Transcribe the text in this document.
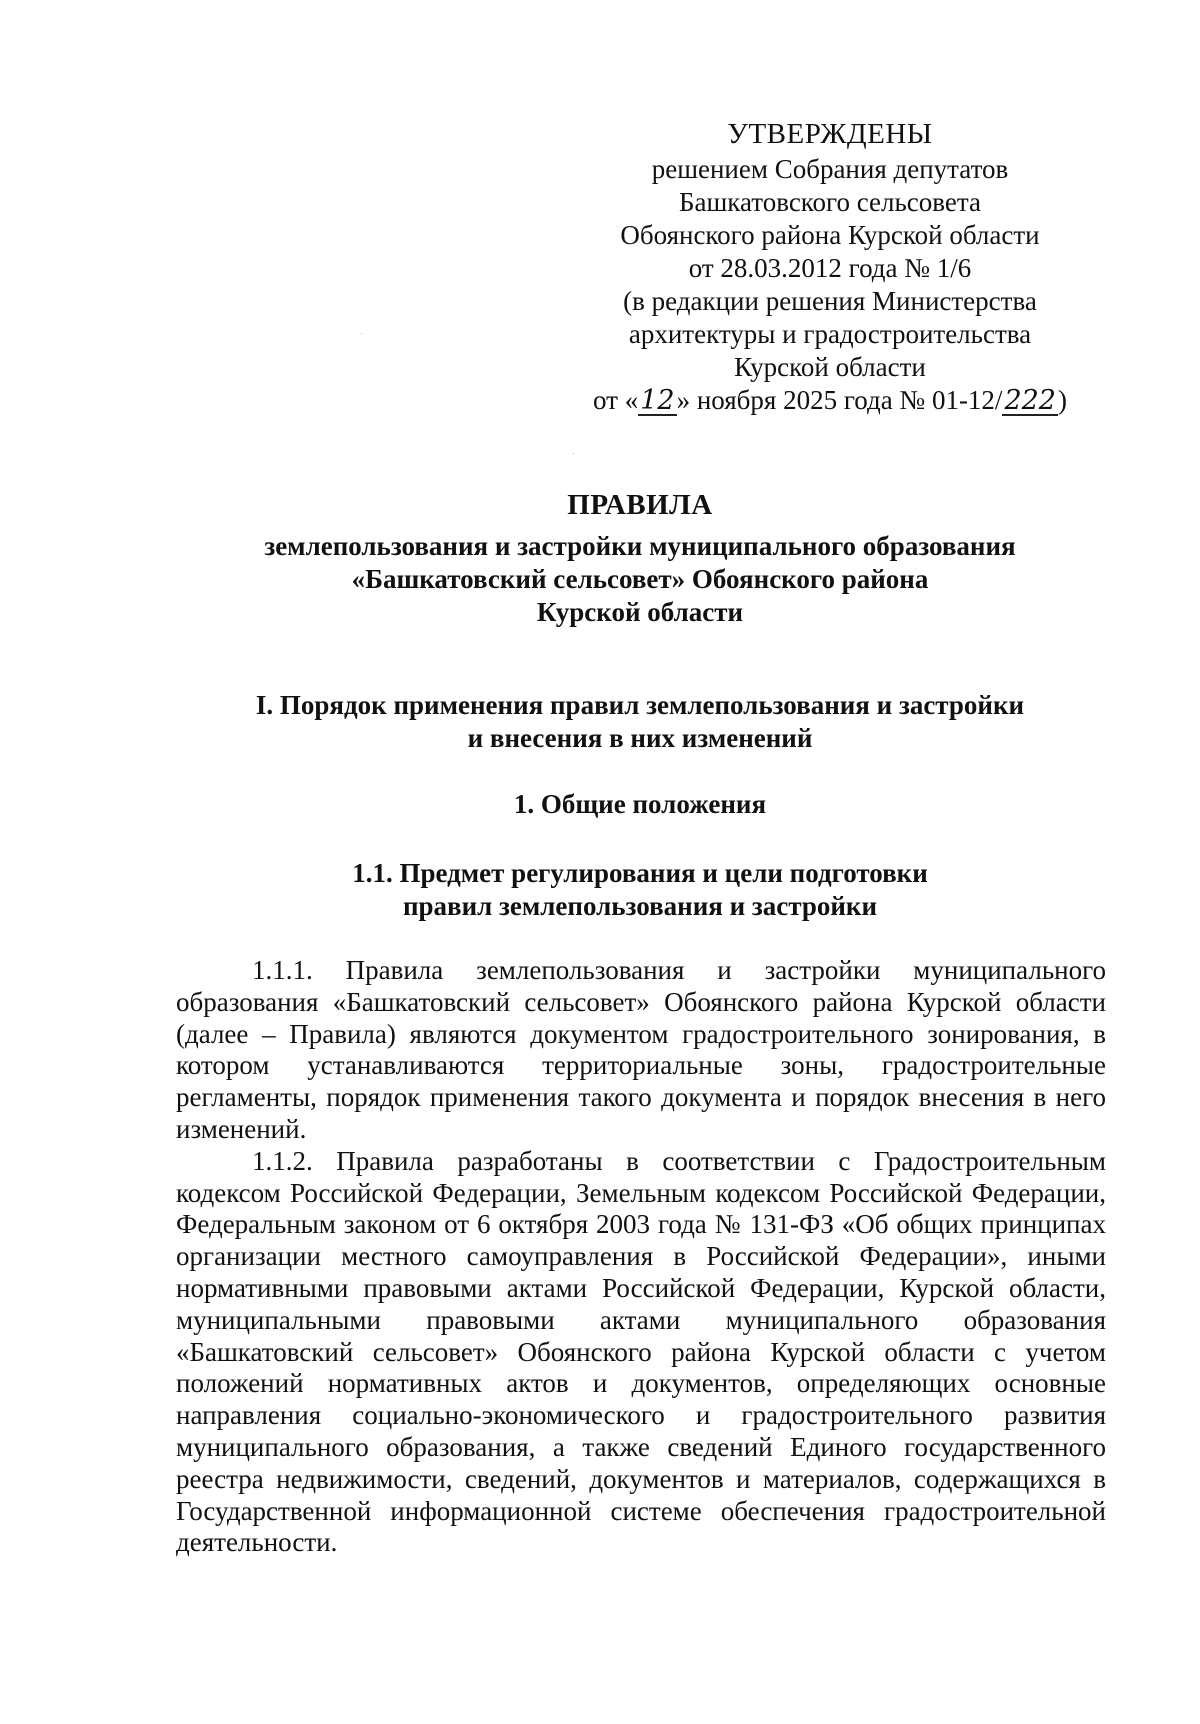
УТВЕРЖДЕНЫ
решением Собрания депутатов
Башкатовского сельсовета
Обоянского района Курской области
от 28.03.2012 года № 1/6
(в редакции решения Министерства
архитектуры и градостроительства
Курской области
от «12» ноября 2025 года № 01-12/222)
ПРАВИЛА
землепользования и застройки муниципального образования
«Башкатовский сельсовет» Обоянского района
Курской области
I. Порядок применения правил землепользования и застройки
и внесения в них изменений
1. Общие положения
1.1. Предмет регулирования и цели подготовки
правил землепользования и застройки

1.1.1. Правила землепользования и застройки муниципального образования «Башкатовский сельсовет» Обоянского района Курской области (далее – Правила) являются документом градостроительного зонирования, в котором устанавливаются территориальные зоны, градостроительные регламенты, порядок применения такого документа и порядок внесения в него изменений.

1.1.2. Правила разработаны в соответствии с Градостроительным кодексом Российской Федерации, Земельным кодексом Российской Федерации, Федеральным законом от 6 октября 2003 года № 131-ФЗ «Об общих принципах организации местного самоуправления в Российской Федерации», иными нормативными правовыми актами Российской Федерации, Курской области, муниципальными правовыми актами муниципального образования «Башкатовский сельсовет» Обоянского района Курской области с учетом положений нормативных актов и документов, определяющих основные направления социально-экономического и градостроительного развития муниципального образования, а также сведений Единого государственного реестра недвижимости, сведений, документов и материалов, содержащихся в Государственной информационной системе обеспечения градостроительной деятельности.
